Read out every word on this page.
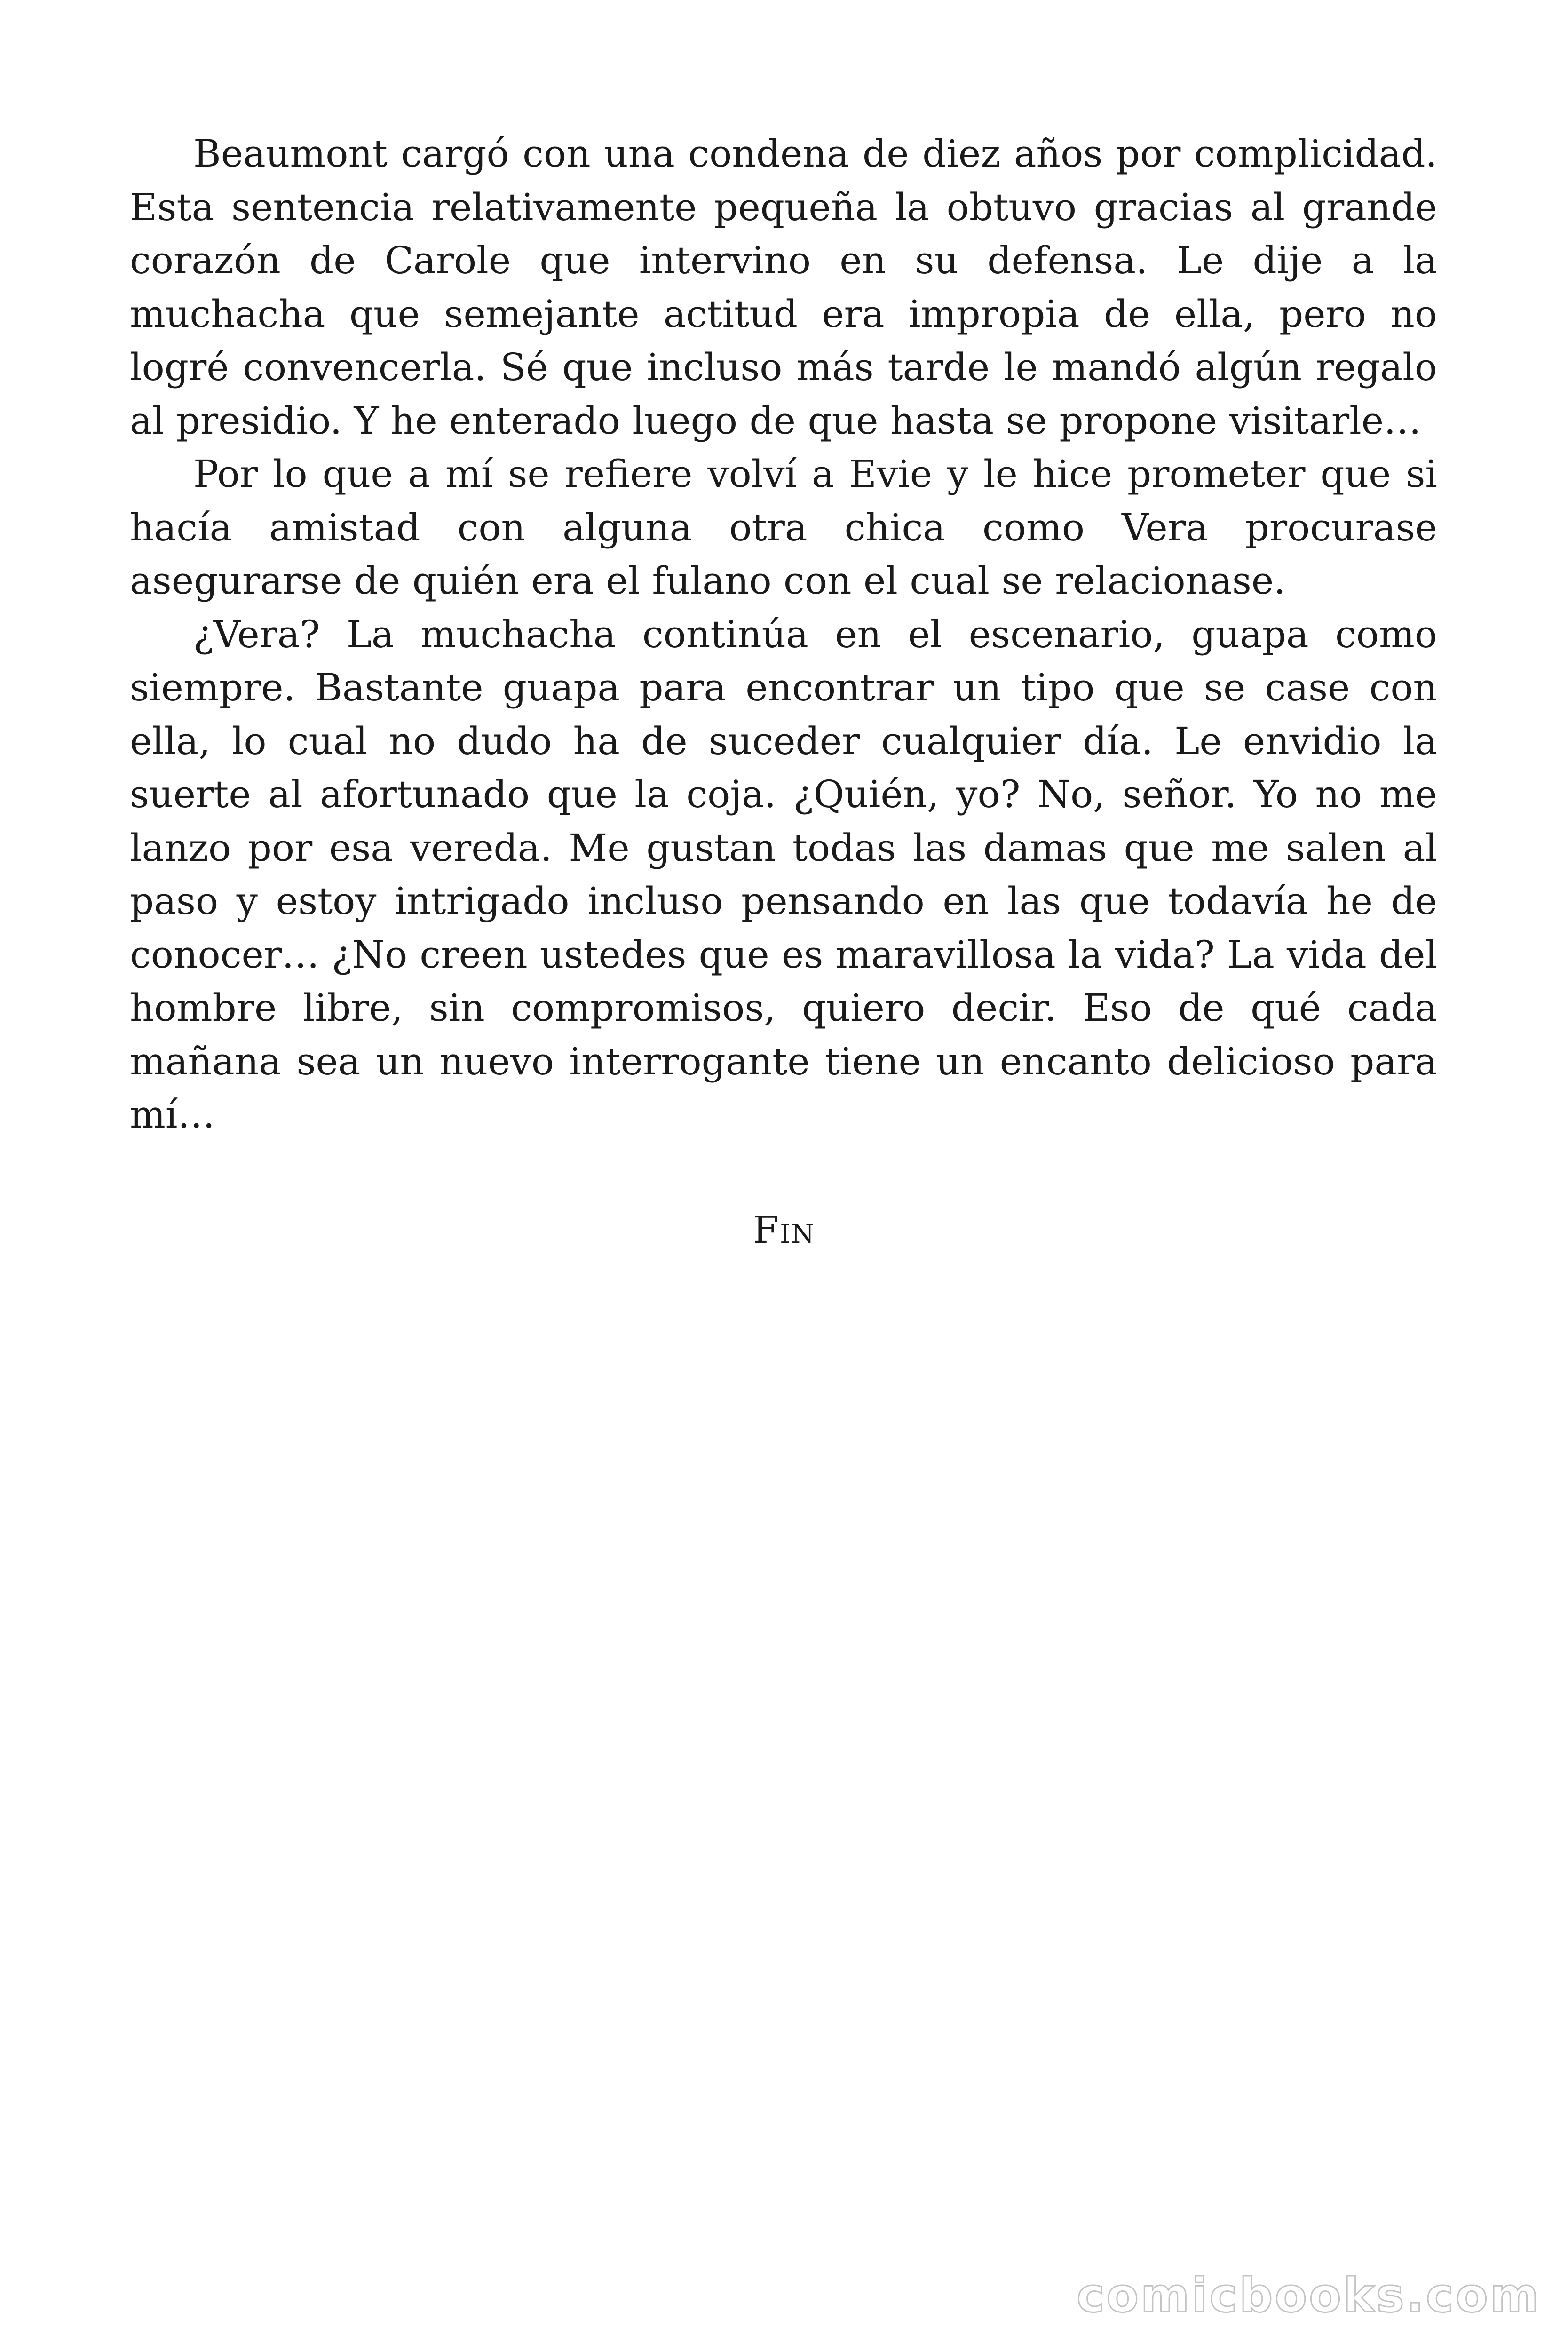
Beaumont cargó con una condena de diez años por complicidad. Esta sentencia relativamente pequeña la obtuvo gracias al grande corazón de Carole que intervino en su defensa. Le dije a la muchacha que semejante actitud era impropia de ella, pero no logré convencerla. Sé que incluso más tarde le mandó algún regalo al presidio. Y he enterado luego de que hasta se propone visitarle…

Por lo que a mí se refiere volví a Evie y le hice prometer que si hacía amistad con alguna otra chica como Vera procurase asegurarse de quién era el fulano con el cual se relacionase.

¿Vera? La muchacha continúa en el escenario, guapa como siempre. Bastante guapa para encontrar un tipo que se case con ella, lo cual no dudo ha de suceder cualquier día. Le envidio la suerte al afortunado que la coja. ¿Quién, yo? No, señor. Yo no me lanzo por esa vereda. Me gustan todas las damas que me salen al paso y estoy intrigado incluso pensando en las que todavía he de conocer… ¿No creen ustedes que es maravillosa la vida? La vida del hombre libre, sin compromisos, quiero decir. Eso de qué cada mañana sea un nuevo interrogante tiene un encanto delicioso para mí…

Fin
comicbooks.com
